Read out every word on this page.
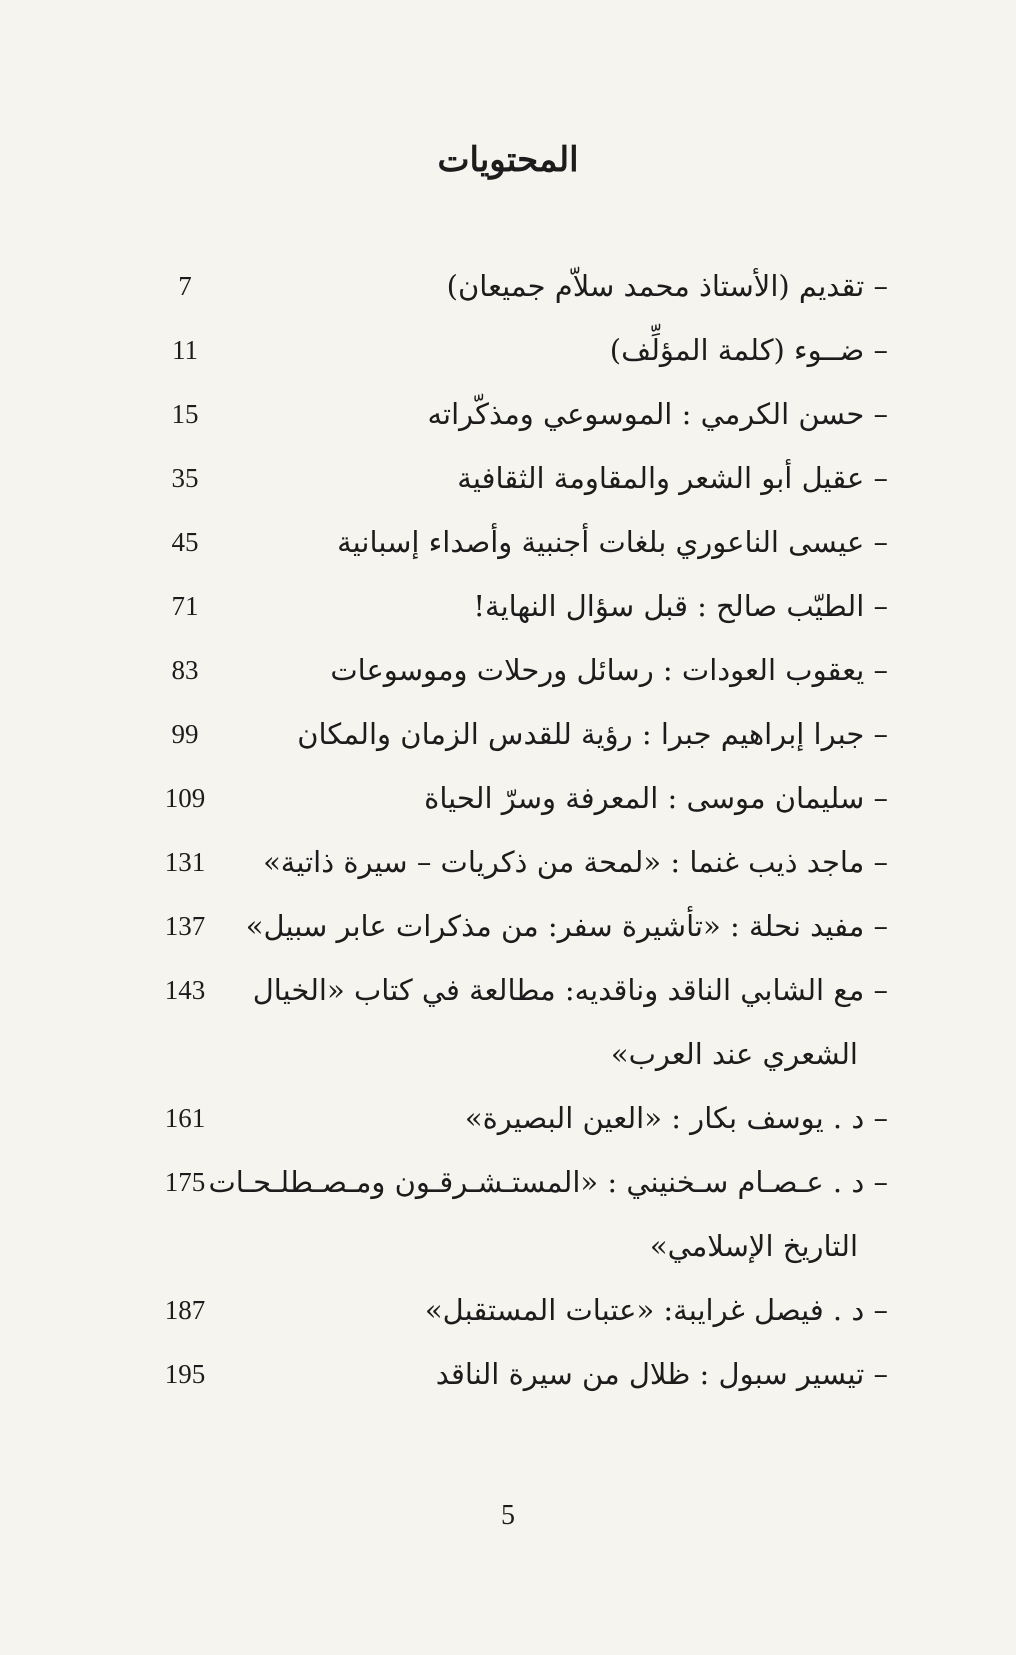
المحتويات
– تقديم (الأستاذ محمد سلاّم جميعان)
7
– ضــوء (كلمة المؤلِّف)
11
– حسن الكرمي : الموسوعي ومذكّراته
15
– عقيل أبو الشعر والمقاومة الثقافية
35
– عيسى الناعوري بلغات أجنبية وأصداء إسبانية
45
– الطيّب صالح : قبل سؤال النهاية!
71
– يعقوب العودات : رسائل ورحلات وموسوعات
83
– جبرا إبراهيم جبرا : رؤية للقدس الزمان والمكان
99
– سليمان موسى : المعرفة وسرّ الحياة
109
– ماجد ذيب غنما : «لمحة من ذكريات – سيرة ذاتية»
131
– مفيد نحلة : «تأشيرة سفر: من مذكرات عابر سبيل»
137
– مع الشابي الناقد وناقديه: مطالعة في كتاب «الخيال
143
الشعري عند العرب»
– د . يوسف بكار : «العين البصيرة»
161
– د . عـصـام سـخنيني : «المستـشـرقـون ومـصـطلـحـات
175
التاريخ الإسلامي»
– د . فيصل غرايبة: «عتبات المستقبل»
187
– تيسير سبول : ظلال من سيرة الناقد
195
5
